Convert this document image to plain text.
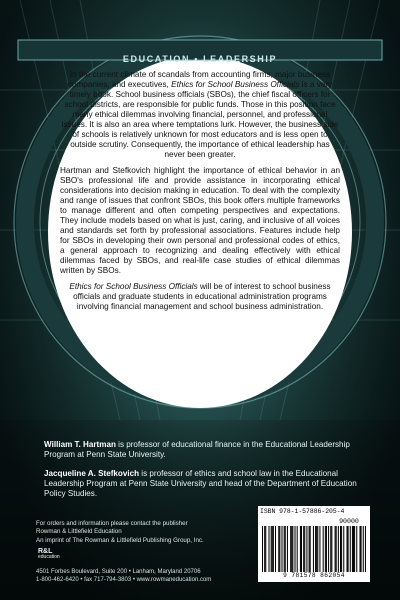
EDUCATION • LEADERSHIP

In the current climate of scandals from accounting firms, major business companies, and executives, Ethics for School Business Officials is a very timely book. School business officials (SBOs), the chief fiscal officers for school districts, are responsible for public funds. Those in this position face many ethical dilemmas involving financial, personnel, and professional issues. It is also an area where temptations lurk. However, the business side of schools is relatively unknown for most educators and is less open to outside scrutiny. Consequently, the importance of ethical leadership has never been greater.

Hartman and Stefkovich highlight the importance of ethical behavior in an SBO's professional life and provide assistance in incorporating ethical considerations into decision making in education. To deal with the complexity and range of issues that confront SBOs, this book offers multiple frameworks to manage different and often competing perspectives and expectations. They include models based on what is just, caring, and inclusive of all voices and standards set forth by professional associations. Features include help for SBOs in developing their own personal and professional codes of ethics, a general approach to recognizing and dealing effectively with ethical dilemmas faced by SBOs, and real-life case studies of ethical dilemmas written by SBOs.

Ethics for School Business Officials will be of interest to school business officials and graduate students in educational administration programs involving financial management and school business administration.

William T. Hartman is professor of educational finance in the Educational Leadership Program at Penn State University.

Jacqueline A. Stefkovich is professor of ethics and school law in the Educational Leadership Program at Penn State University and head of the Department of Education Policy Studies.

For orders and information please contact the publisher
Rowman & Littlefield Education
An imprint of The Rowman & Littlefield Publishing Group, Inc.
R&L
education
4501 Forbes Boulevard, Suite 200 • Lanham, Maryland 20706
1-800-462-6420 • fax 717-794-3803 • www.rowmaneducation.com
ISBN 978-1-57886-205-4
90000
9 781578 862054
